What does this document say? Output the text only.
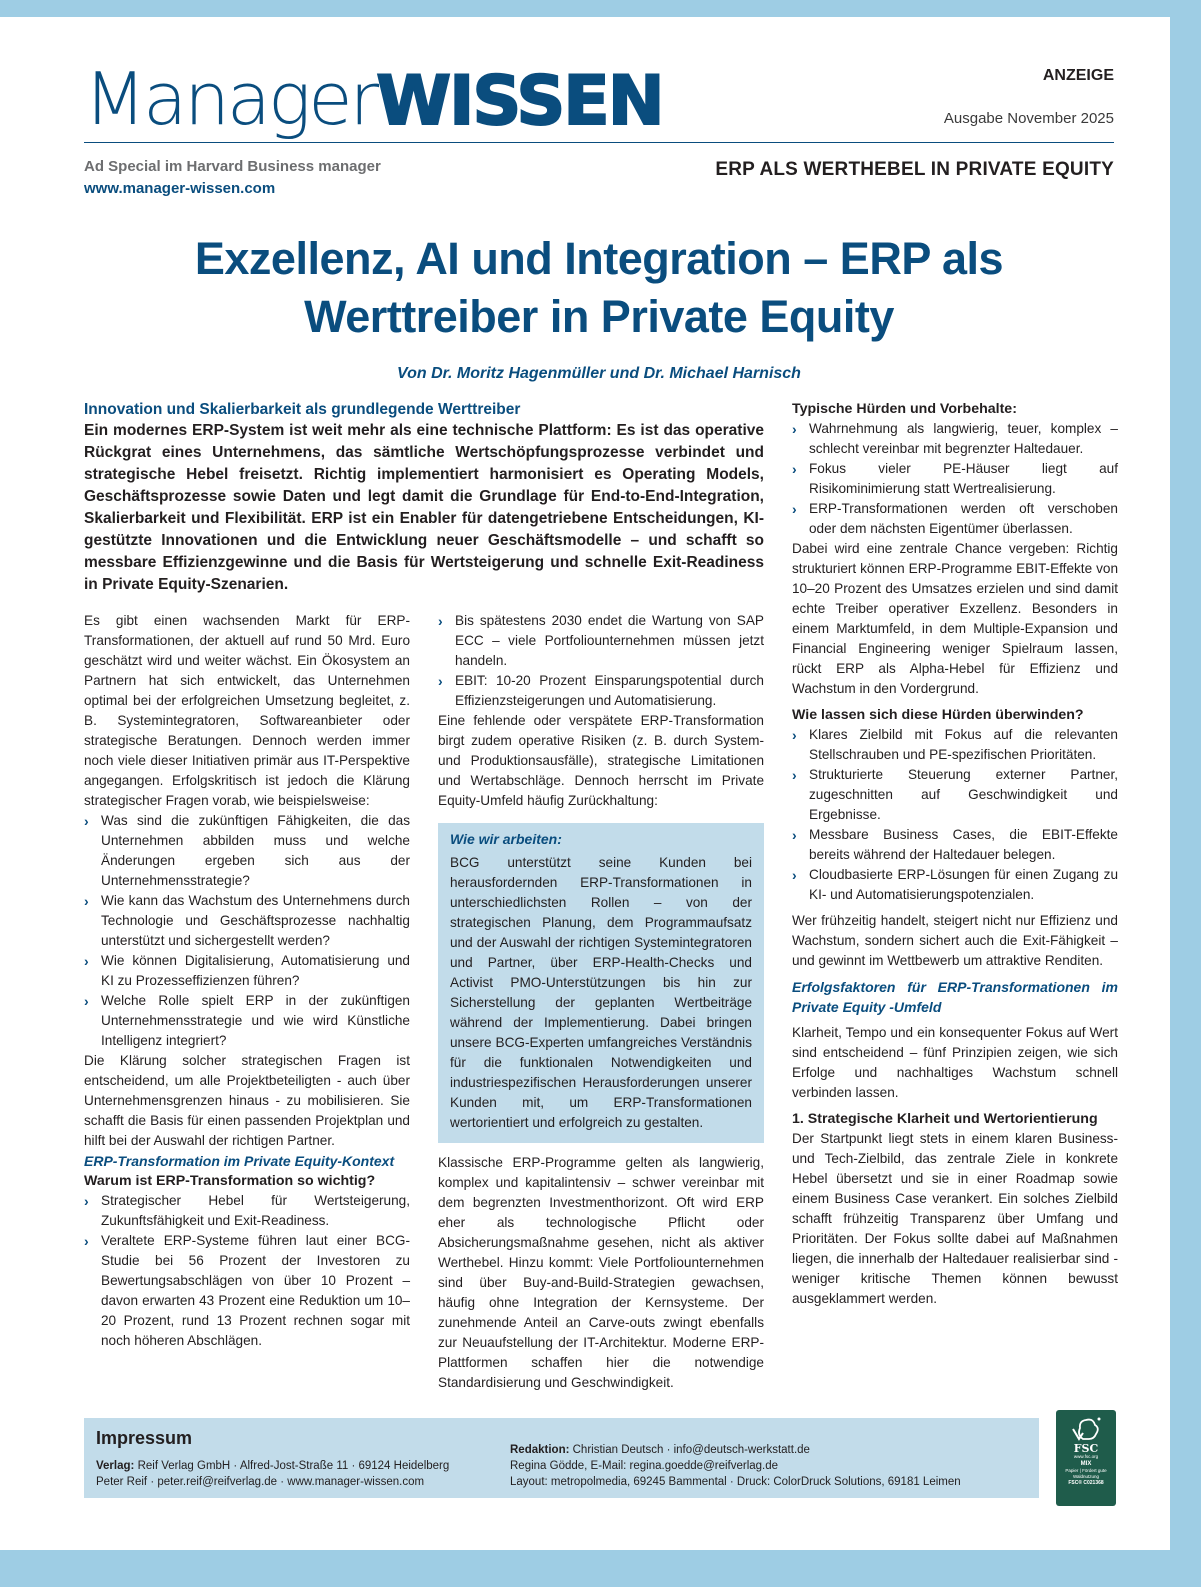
ManagerWISSEN	ANZEIGE
Ausgabe November 2025
Ad Special im Harvard Business manager
www.manager-wissen.com
ERP ALS WERTHEBEL IN PRIVATE EQUITY
Exzellenz, AI und Integration – ERP als
Werttreiber in Private Equity
Von Dr. Moritz Hagenmüller und Dr. Michael Harnisch
Innovation und Skalierbarkeit als grundlegende Werttreiber

Ein modernes ERP-System ist weit mehr als eine technische Plattform: Es ist das operative Rückgrat eines Unternehmens, das sämtliche Wertschöpfungsprozesse verbindet und strategische Hebel freisetzt. Richtig implementiert harmonisiert es Operating Models, Geschäftsprozesse sowie Daten und legt damit die Grundlage für End-to-End-Integration, Skalierbarkeit und Flexibilität. ERP ist ein Enabler für datengetriebene Entscheidungen, KI-gestützte Innovationen und die Entwicklung neuer Geschäftsmodelle – und schafft so messbare Effizienzgewinne und die Basis für Wertsteigerung und schnelle Exit-Readiness in Private Equity-Szenarien.

Es gibt einen wachsenden Markt für ERP-Transformationen, der aktuell auf rund 50 Mrd. Euro geschätzt wird und weiter wächst. Ein Ökosystem an Partnern hat sich entwickelt, das Unternehmen optimal bei der erfolgreichen Umsetzung begleitet, z. B. Systemintegratoren, Softwareanbieter oder strategische Beratungen. Dennoch werden immer noch viele dieser Initiativen primär aus IT-Perspektive angegangen. Erfolgskritisch ist jedoch die Klärung strategischer Fragen vorab, wie beispielsweise:

› Was sind die zukünftigen Fähigkeiten, die das Unternehmen abbilden muss und welche Änderungen ergeben sich aus der Unternehmensstrategie?
› Wie kann das Wachstum des Unternehmens durch Technologie und Geschäftsprozesse nachhaltig unterstützt und sichergestellt werden?
› Wie können Digitalisierung, Automatisierung und KI zu Prozesseffizienzen führen?
› Welche Rolle spielt ERP in der zukünftigen Unternehmensstrategie und wie wird Künstliche Intelligenz integriert?

Die Klärung solcher strategischen Fragen ist entscheidend, um alle Projektbeteiligten - auch über Unternehmensgrenzen hinaus - zu mobilisieren. Sie schafft die Basis für einen passenden Projektplan und hilft bei der Auswahl der richtigen Partner.

ERP-Transformation im Private Equity-Kontext
Warum ist ERP-Transformation so wichtig?
› Strategischer Hebel für Wertsteigerung, Zukunftsfähigkeit und Exit-Readiness.
› Veraltete ERP-Systeme führen laut einer BCG-Studie bei 56 Prozent der Investoren zu Bewertungsabschlägen von über 10 Prozent – davon erwarten 43 Prozent eine Reduktion um 10–20 Prozent, rund 13 Prozent rechnen sogar mit noch höheren Abschlägen.
› Bis spätestens 2030 endet die Wartung von SAP ECC – viele Portfoliounternehmen müssen jetzt handeln.
› EBIT: 10-20 Prozent Einsparungspotential durch Effizienzsteigerungen und Automatisierung.

Eine fehlende oder verspätete ERP-Transformation birgt zudem operative Risiken (z. B. durch System- und Produktionsausfälle), strategische Limitationen und Wertabschläge. Dennoch herrscht im Private Equity-Umfeld häufig Zurückhaltung:

Wie wir arbeiten:

BCG unterstützt seine Kunden bei herausfordernden ERP-Transformationen in unterschiedlichsten Rollen – von der strategischen Planung, dem Programmaufsatz und der Auswahl der richtigen Systemintegratoren und Partner, über ERP-Health-Checks und Activist PMO-Unterstützungen bis hin zur Sicherstellung der geplanten Wertbeiträge während der Implementierung. Dabei bringen unsere BCG-Experten umfangreiches Verständnis für die funktionalen Notwendigkeiten und industriespezifischen Herausforderungen unserer Kunden mit, um ERP-Transformationen wertorientiert und erfolgreich zu gestalten.

Klassische ERP-Programme gelten als langwierig, komplex und kapitalintensiv – schwer vereinbar mit dem begrenzten Investmenthorizont. Oft wird ERP eher als technologische Pflicht oder Absicherungsmaßnahme gesehen, nicht als aktiver Werthebel. Hinzu kommt: Viele Portfoliounternehmen sind über Buy-and-Build-Strategien gewachsen, häufig ohne Integration der Kernsysteme. Der zunehmende Anteil an Carve-outs zwingt ebenfalls zur Neuaufstellung der IT-Architektur. Moderne ERP-Plattformen schaffen hier die notwendige Standardisierung und Geschwindigkeit.

Typische Hürden und Vorbehalte:
› Wahrnehmung als langwierig, teuer, komplex – schlecht vereinbar mit begrenzter Haltedauer.
› Fokus vieler PE-Häuser liegt auf Risikominimierung statt Wertrealisierung.
› ERP-Transformationen werden oft verschoben oder dem nächsten Eigentümer überlassen.

Dabei wird eine zentrale Chance vergeben: Richtig strukturiert können ERP-Programme EBIT-Effekte von 10–20 Prozent des Umsatzes erzielen und sind damit echte Treiber operativer Exzellenz. Besonders in einem Marktumfeld, in dem Multiple-Expansion und Financial Engineering weniger Spielraum lassen, rückt ERP als Alpha-Hebel für Effizienz und Wachstum in den Vordergrund.

Wie lassen sich diese Hürden überwinden?
› Klares Zielbild mit Fokus auf die relevanten Stellschrauben und PE-spezifischen Prioritäten.
› Strukturierte Steuerung externer Partner, zugeschnitten auf Geschwindigkeit und Ergebnisse.
› Messbare Business Cases, die EBIT-Effekte bereits während der Haltedauer belegen.
› Cloudbasierte ERP-Lösungen für einen Zugang zu KI- und Automatisierungspotenzialen.

Wer frühzeitig handelt, steigert nicht nur Effizienz und Wachstum, sondern sichert auch die Exit-Fähigkeit – und gewinnt im Wettbewerb um attraktive Renditen.

Erfolgsfaktoren für ERP-Transformationen im Private Equity -Umfeld

Klarheit, Tempo und ein konsequenter Fokus auf Wert sind entscheidend – fünf Prinzipien zeigen, wie sich Erfolge und nachhaltiges Wachstum schnell verbinden lassen.

1. Strategische Klarheit und Wertorientierung

Der Startpunkt liegt stets in einem klaren Business- und Tech-Zielbild, das zentrale Ziele in konkrete Hebel übersetzt und sie in einer Roadmap sowie einem Business Case verankert. Ein solches Zielbild schafft frühzeitig Transparenz über Umfang und Prioritäten. Der Fokus sollte dabei auf Maßnahmen liegen, die innerhalb der Haltedauer realisierbar sind - weniger kritische Themen können bewusst ausgeklammert werden.

Impressum
Verlag: Reif Verlag GmbH · Alfred-Jost-Straße 11 · 69124 Heidelberg
Peter Reif · peter.reif@reifverlag.de · www.manager-wissen.com
Redaktion: Christian Deutsch · info@deutsch-werkstatt.de
Regina Gödde, E-Mail: regina.goedde@reifverlag.de
Layout: metropolmedia, 69245 Bammental · Druck: ColorDruck Solutions, 69181 Leimen
FSC
www.fsc.org
MIX
Papier | Fördert gute Waldnutzung
FSC® C021368
